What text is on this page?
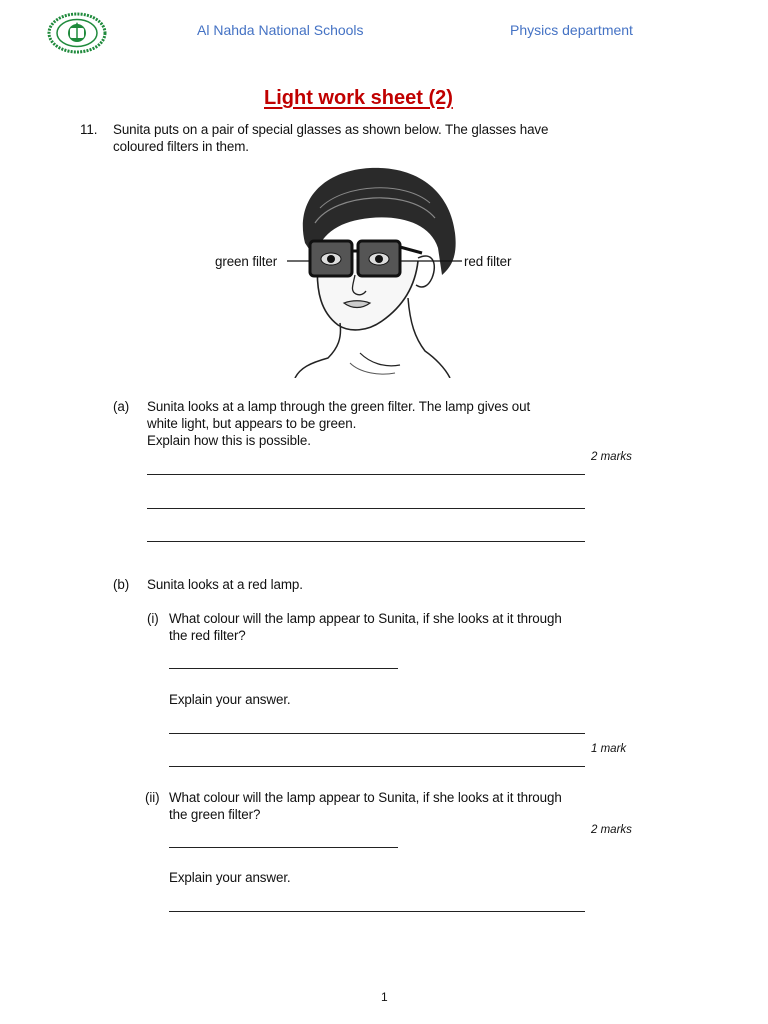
Al Nahda National Schools	Physics department
Light work sheet (2)
11. Sunita puts on a pair of special glasses as shown below. The glasses have
coloured filters in them.
green filter	red filter
(a) Sunita looks at a lamp through the green filter. The lamp gives out
white light, but appears to be green.
Explain how this is possible.
2 marks
(b) Sunita looks at a red lamp.
(i) What colour will the lamp appear to Sunita, if she looks at it through
the red filter?
Explain your answer.
1 mark
(ii) What colour will the lamp appear to Sunita, if she looks at it through
the green filter?
2 marks
Explain your answer.
1
